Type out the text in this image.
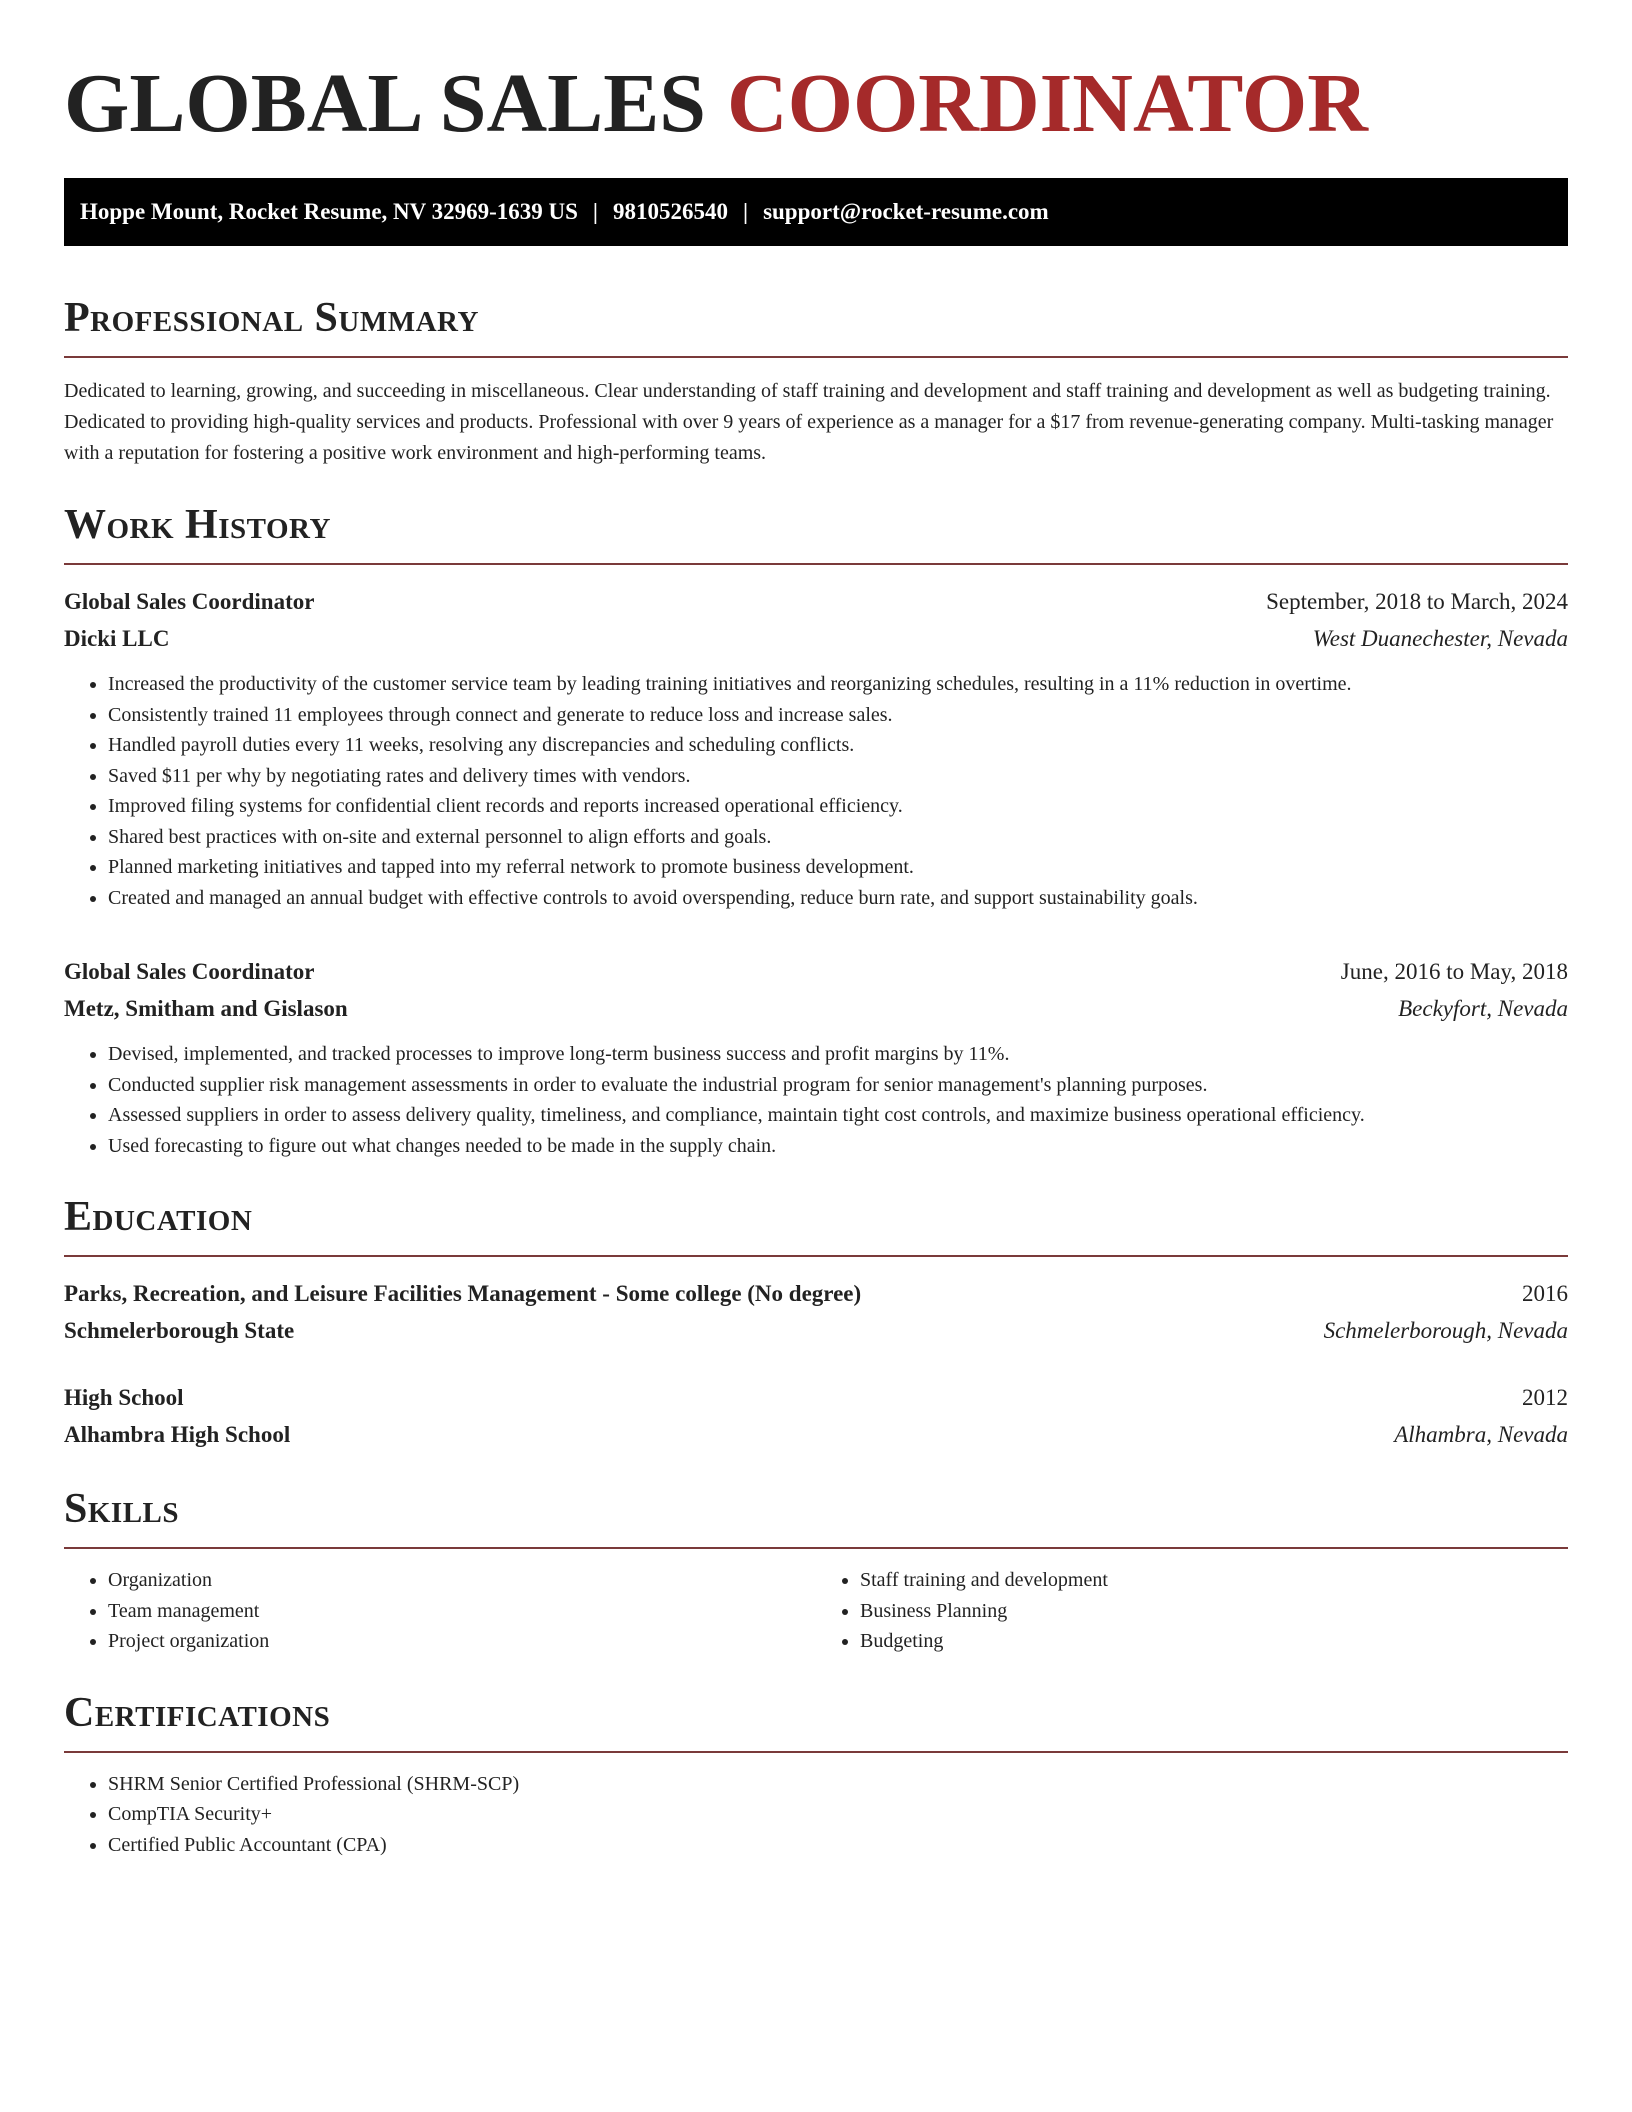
GLOBAL SALES COORDINATOR
Hoppe Mount, Rocket Resume, NV 32969-1639 US | 9810526540 | support@rocket-resume.com
Professional Summary

Dedicated to learning, growing, and succeeding in miscellaneous. Clear understanding of staff training and development and staff training and development as well as budgeting training. Dedicated to providing high-quality services and products. Professional with over 9 years of experience as a manager for a $17 from revenue-generating company. Multi-tasking manager with a reputation for fostering a positive work environment and high-performing teams.

Work History
Global Sales Coordinator	September, 2018 to March, 2024
Dicki LLC	West Duanechester, Nevada
• Increased the productivity of the customer service team by leading training initiatives and reorganizing schedules, resulting in a 11% reduction in overtime.
• Consistently trained 11 employees through connect and generate to reduce loss and increase sales.
• Handled payroll duties every 11 weeks, resolving any discrepancies and scheduling conflicts.
• Saved $11 per why by negotiating rates and delivery times with vendors.
• Improved filing systems for confidential client records and reports increased operational efficiency.
• Shared best practices with on-site and external personnel to align efforts and goals.
• Planned marketing initiatives and tapped into my referral network to promote business development.
• Created and managed an annual budget with effective controls to avoid overspending, reduce burn rate, and support sustainability goals.
Global Sales Coordinator	June, 2016 to May, 2018
Metz, Smitham and Gislason	Beckyfort, Nevada
• Devised, implemented, and tracked processes to improve long-term business success and profit margins by 11%.
• Conducted supplier risk management assessments in order to evaluate the industrial program for senior management's planning purposes.
• Assessed suppliers in order to assess delivery quality, timeliness, and compliance, maintain tight cost controls, and maximize business operational efficiency.
• Used forecasting to figure out what changes needed to be made in the supply chain.
Education
Parks, Recreation, and Leisure Facilities Management - Some college (No degree)	2016
Schmelerborough State	Schmelerborough, Nevada
High School	2012
Alhambra High School	Alhambra, Nevada
Skills
• Organization
• Team management
• Project organization
• Staff training and development
• Business Planning
• Budgeting
Certifications
• SHRM Senior Certified Professional (SHRM-SCP)
• CompTIA Security+
• Certified Public Accountant (CPA)
